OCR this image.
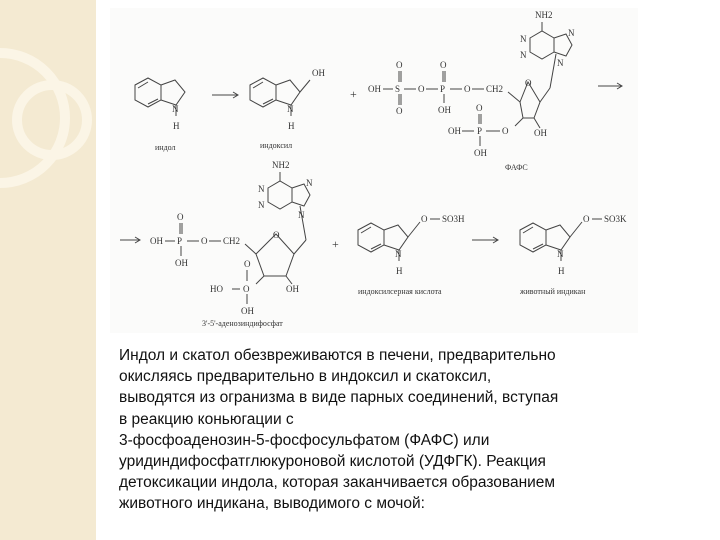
N
H
индол
OH
N
H
индоксил
+ OH S
O
O
O P
O
OH
O CH2
O
O	OH
P
O
OH
OH
NH2
N
N
N
N
ФАФС
OH P
O
OH
O CH2
O
O	OH
O
HO
OH
NH2
N
N
N
N
3'-5'-аденозиндифосфат
+
O SO3H
N
H
индоксилсерная кислота
O SO3K
N
H
животный индикан
Индол и скатол обезвреживаются в печени, предварительно
окисляясь предварительно в индоксил и скатоксил,
выводятся из огранизма в виде парных соединений, вступая
в реакцию коньюгации с
3-фосфоаденозин-5-фосфосульфатом (ФАФС) или
уридиндифосфатглюкуроновой кислотой (УДФГК). Реакция
детоксикации индола, которая заканчивается образованием
животного индикана, выводимого с мочой:
